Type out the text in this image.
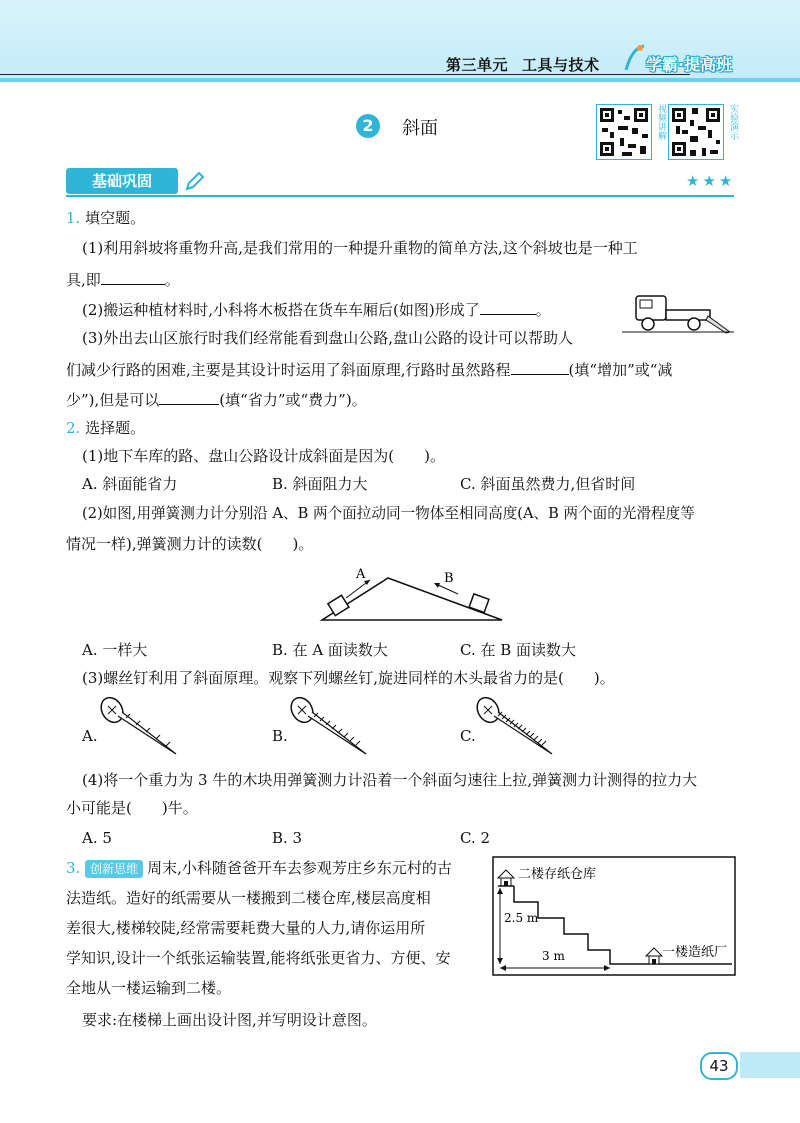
第三单元 工具与技术	学霸·提高班
2	斜面	视频讲解	实验演示
基础巩固	★★★
1. 填空题。
(1)利用斜坡将重物升高,是我们常用的一种提升重物的简单方法,这个斜坡也是一种工
具,即	。
(2)搬运种植材料时,小科将木板搭在货车车厢后(如图)形成了	。
(3)外出去山区旅行时我们经常能看到盘山公路,盘山公路的设计可以帮助人
们减少行路的困难,主要是其设计时运用了斜面原理,行路时虽然路程	(填“增加”或“减
少”),但是可以	(填“省力”或“费力”)。
2. 选择题。
(1)地下车库的路、盘山公路设计成斜面是因为(　　)。
A. 斜面能省力	B. 斜面阻力大	C. 斜面虽然费力,但省时间
(2)如图,用弹簧测力计分别沿 A、B 两个面拉动同一物体至相同高度(A、B 两个面的光滑程度等
情况一样),弹簧测力计的读数(　　)。
A	B
A. 一样大	B. 在 A 面读数大	C. 在 B 面读数大
(3)螺丝钉利用了斜面原理。观察下列螺丝钉,旋进同样的木头最省力的是(　　)。
A.	B.	C.
(4)将一个重力为 3 牛的木块用弹簧测力计沿着一个斜面匀速往上拉,弹簧测力计测得的拉力大
小可能是(　　)牛。
A. 5	B. 3	C. 2
3. 创新思维 周末,小科随爸爸开车去参观芳庄乡东元村的古
法造纸。造好的纸需要从一楼搬到二楼仓库,楼层高度相
差很大,楼梯较陡,经常需要耗费大量的人力,请你运用所
学知识,设计一个纸张运输装置,能将纸张更省力、方便、安
全地从一楼运输到二楼。
要求:在楼梯上画出设计图,并写明设计意图。
二楼存纸仓库
2.5 m
3 m	一楼造纸厂
43
